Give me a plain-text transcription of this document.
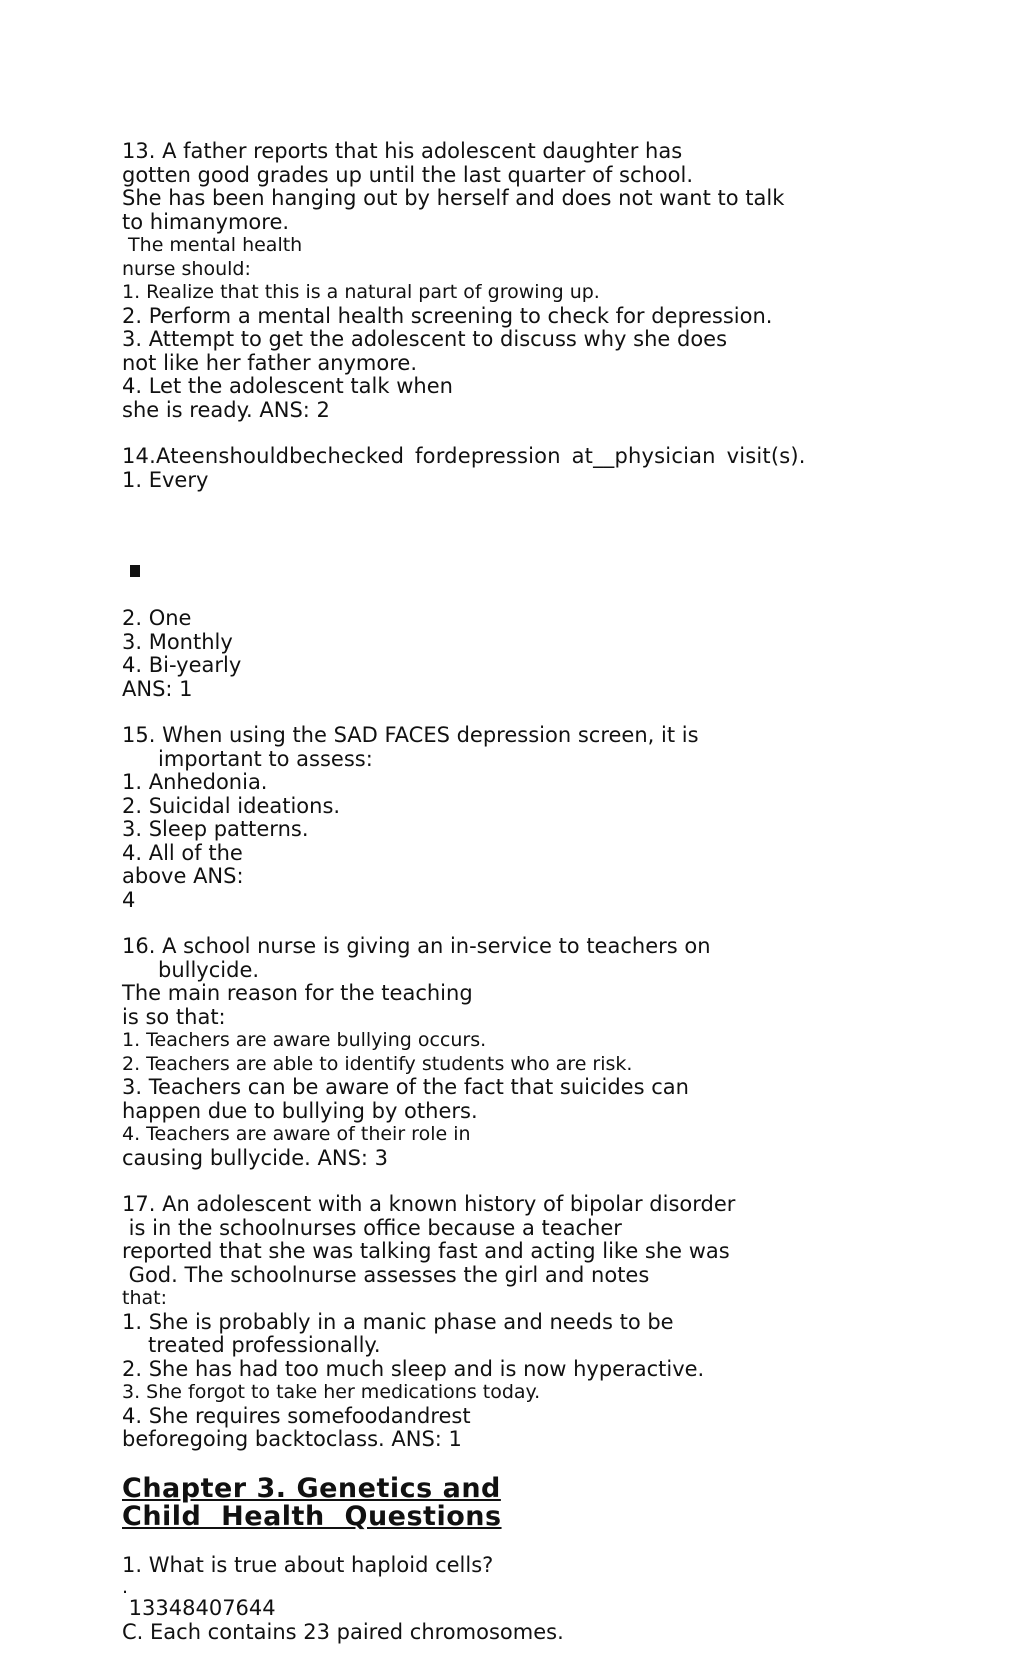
13. A father reports that his adolescent daughter has
gotten good grades up until the last quarter of school.
She has been hanging out by herself and does not want to talk
to himanymore.
The mental health
nurse should:
1. Realize that this is a natural part of growing up.
2. Perform a mental health screening to check for depression.
3. Attempt to get the adolescent to discuss why she does
not like her father anymore.
4. Let the adolescent talk when
she is ready. ANS: 2
14.Ateenshouldbechecked fordepression at__physician visit(s).
1. Every
2. One
3. Monthly
4. Bi-yearly
ANS: 1
15. When using the SAD FACES depression screen, it is
important to assess:
1. Anhedonia.
2. Suicidal ideations.
3. Sleep patterns.
4. All of the
above ANS:
4
16. A school nurse is giving an in-service to teachers on
bullycide.
The main reason for the teaching
is so that:
1. Teachers are aware bullying occurs.
2. Teachers are able to identify students who are risk.
3. Teachers can be aware of the fact that suicides can
happen due to bullying by others.
4. Teachers are aware of their role in
causing bullycide. ANS: 3
17. An adolescent with a known history of bipolar disorder
is in the schoolnurses office because a teacher
reported that she was talking fast and acting like she was
God. The schoolnurse assesses the girl and notes
that:
1. She is probably in a manic phase and needs to be
treated professionally.
2. She has had too much sleep and is now hyperactive.
3. She forgot to take her medications today.
4. She requires somefoodandrest
beforegoing backtoclass. ANS: 1
Chapter 3. Genetics and
Child  Health  Questions
1. What is true about haploid cells?
.
13348407644
C. Each contains 23 paired chromosomes.
